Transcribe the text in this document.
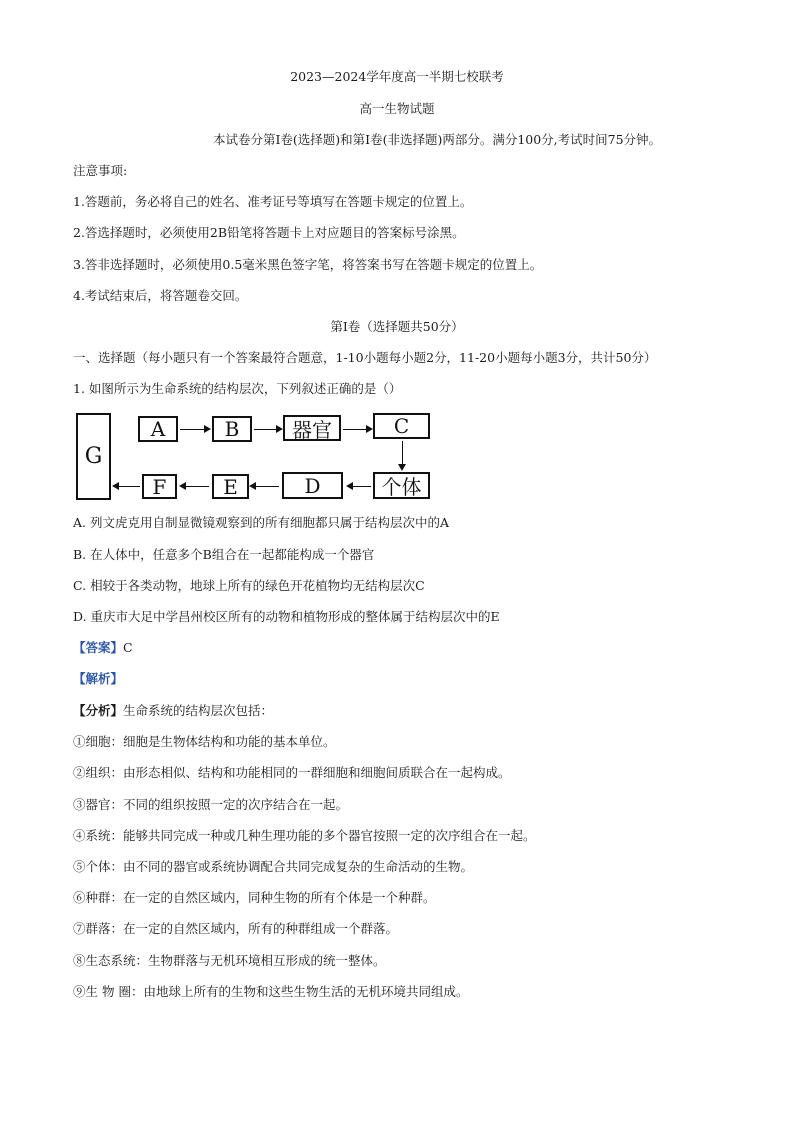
2023—2024学年度高一半期七校联考
高一生物试题
本试卷分第Ⅰ卷(选择题)和第Ⅰ卷(非选择题)两部分。满分100分,考试时间75分钟。
注意事项:
1.答题前，务必将自己的姓名、准考证号等填写在答题卡规定的位置上。
2.答选择题时，必须使用2B铅笔将答题卡上对应题目的答案标号涂黑。
3.答非选择题时，必须使用0.5毫米黑色签字笔，将答案书写在答题卡规定的位置上。
4.考试结束后，将答题卷交回。
第Ⅰ卷（选择题共50分）
一、选择题（每小题只有一个答案最符合题意，1-10小题每小题2分，11-20小题每小题3分，共计50分）
1. 如图所示为生命系统的结构层次，下列叙述正确的是（）
G
A	B	器官	C
个体
D
E
F
A. 列文虎克用自制显微镜观察到的所有细胞都只属于结构层次中的A
B. 在人体中，任意多个B组合在一起都能构成一个器官
C. 相较于各类动物，地球上所有的绿色开花植物均无结构层次C
D. 重庆市大足中学昌州校区所有的动物和植物形成的整体属于结构层次中的E
【答案】C
【解析】
【分析】生命系统的结构层次包括：
①细胞：细胞是生物体结构和功能的基本单位。
②组织：由形态相似、结构和功能相同的一群细胞和细胞间质联合在一起构成。
③器官：不同的组织按照一定的次序结合在一起。
④系统：能够共同完成一种或几种生理功能的多个器官按照一定的次序组合在一起。
⑤个体：由不同的器官或系统协调配合共同完成复杂的生命活动的生物。
⑥种群：在一定的自然区域内，同种生物的所有个体是一个种群。
⑦群落：在一定的自然区域内，所有的种群组成一个群落。
⑧生态系统：生物群落与无机环境相互形成的统一整体。
⑨生 物 圈：由地球上所有的生物和这些生物生活的无机环境共同组成。
